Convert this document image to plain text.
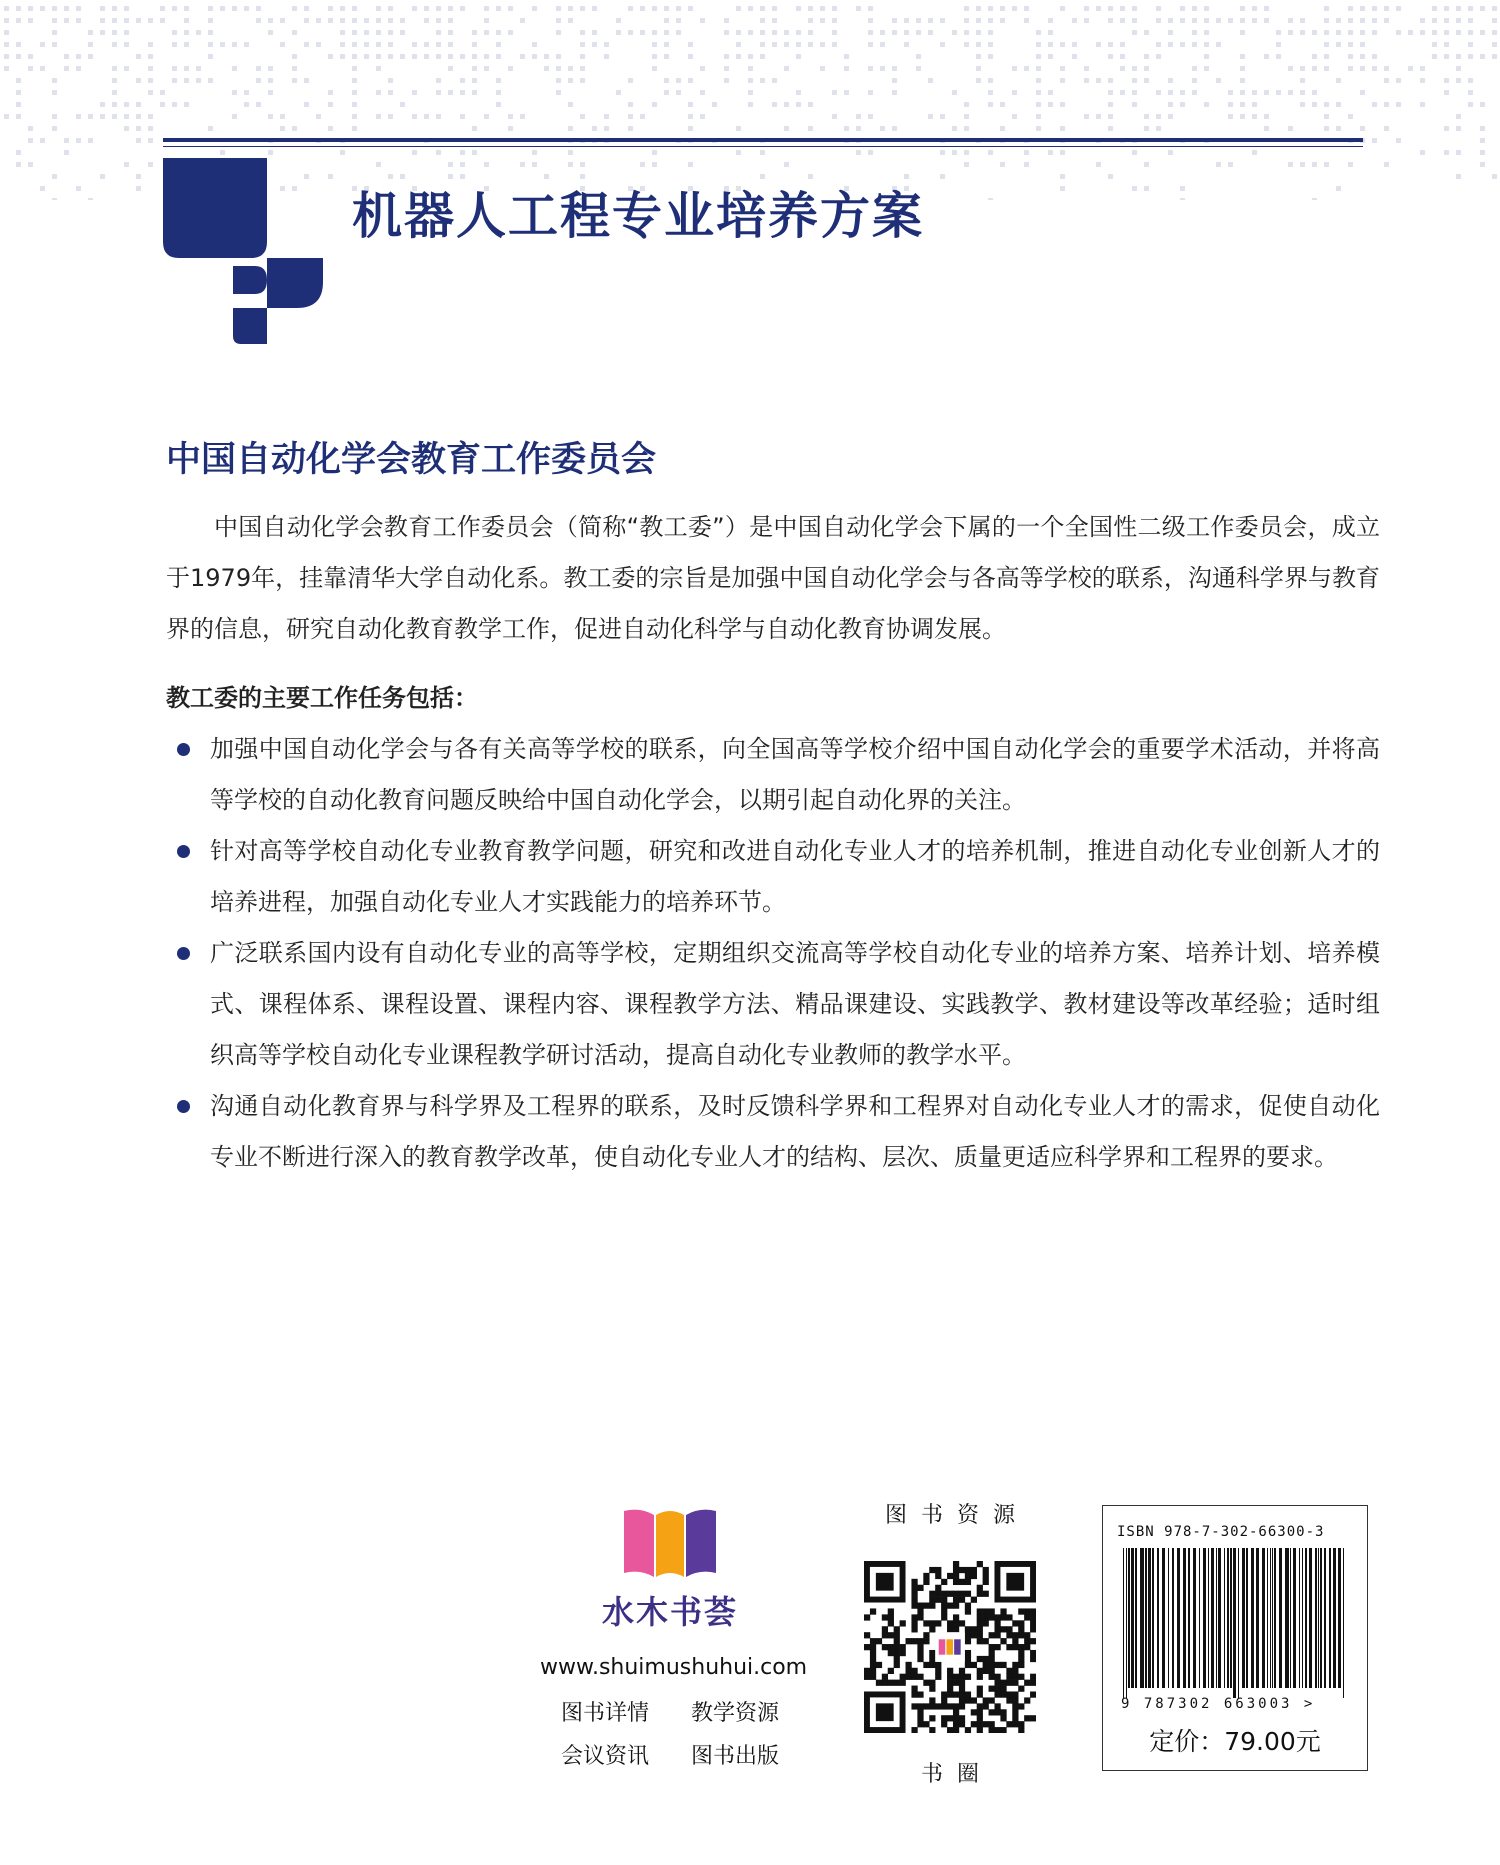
机器人工程专业培养方案
中国自动化学会教育工作委员会

中国自动化学会教育工作委员会（简称“教工委”）是中国自动化学会下属的一个全国性二级工作委员会，成立于1979年，挂靠清华大学自动化系。教工委的宗旨是加强中国自动化学会与各高等学校的联系，沟通科学界与教育界的信息，研究自动化教育教学工作，促进自动化科学与自动化教育协调发展。

教工委的主要工作任务包括：
加强中国自动化学会与各有关高等学校的联系，向全国高等学校介绍中国自动化学会的重要学术活动，并将高等学校的自动化教育问题反映给中国自动化学会，以期引起自动化界的关注。
针对高等学校自动化专业教育教学问题，研究和改进自动化专业人才的培养机制，推进自动化专业创新人才的培养进程，加强自动化专业人才实践能力的培养环节。
广泛联系国内设有自动化专业的高等学校，定期组织交流高等学校自动化专业的培养方案、培养计划、培养模式、课程体系、课程设置、课程内容、课程教学方法、精品课建设、实践教学、教材建设等改革经验；适时组织高等学校自动化专业课程教学研讨活动，提高自动化专业教师的教学水平。
沟通自动化教育界与科学界及工程界的联系，及时反馈科学界和工程界对自动化专业人才的需求，促使自动化专业不断进行深入的教育教学改革，使自动化专业人才的结构、层次、质量更适应科学界和工程界的要求。
水木书荟
www.shuimushuhui.com
图书详情	教学资源
会议资讯	图书出版
图书资源
书圈
ISBN 978-7-302-66300-3
9 787302 663003 >
定价：79.00元
